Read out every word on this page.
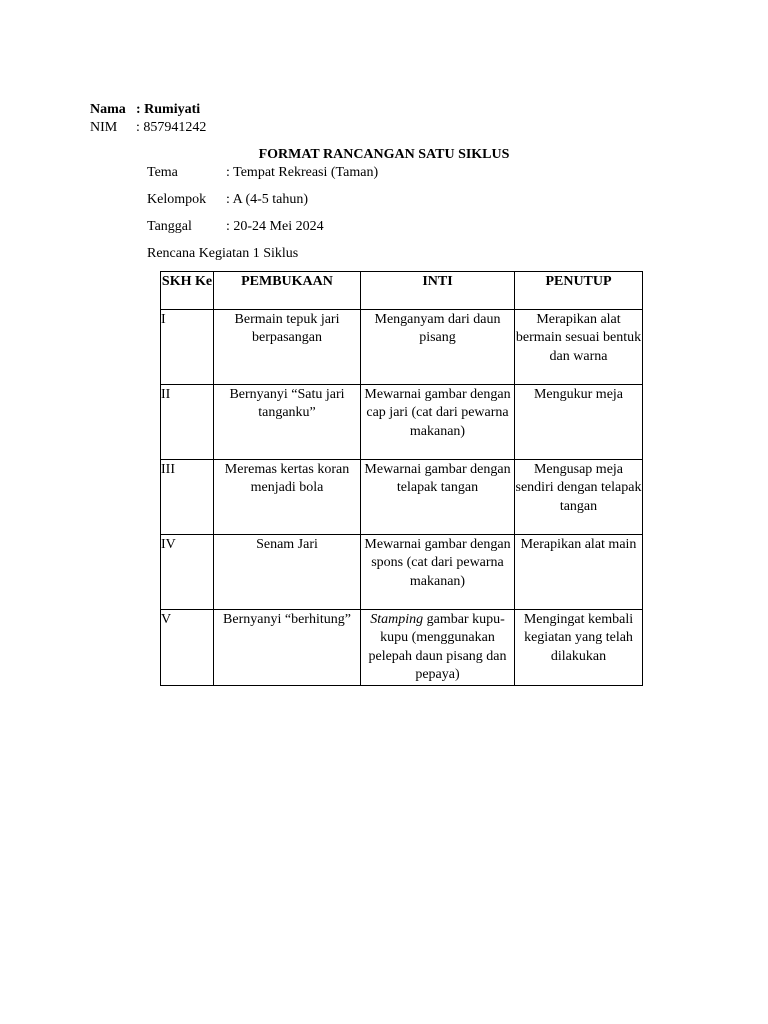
Nama : Rumiyati
NIM : 857941242
FORMAT RANCANGAN SATU SIKLUS
Tema	: Tempat Rekreasi (Taman)
Kelompok : A (4-5 tahun)
Tanggal : 20-24 Mei 2024
Rencana Kegiatan 1 Siklus
SKH Ke	PEMBUKAAN	INTI	PENUTUP
I	Bermain tepuk jari berpasangan	Menganyam dari daun pisang	Merapikan alat bermain sesuai bentuk dan warna
II	Bernyanyi “Satu jari tanganku”	Mewarnai gambar dengan cap jari (cat dari pewarna makanan)	Mengukur meja
III	Meremas kertas koran menjadi bola	Mewarnai gambar dengan telapak tangan	Mengusap meja sendiri dengan telapak tangan
IV	Senam Jari	Mewarnai gambar dengan spons (cat dari pewarna makanan)	Merapikan alat main
V	Bernyanyi “berhitung”	Stamping gambar kupu-kupu (menggunakan pelepah daun pisang dan pepaya)	Mengingat kembali kegiatan yang telah dilakukan
